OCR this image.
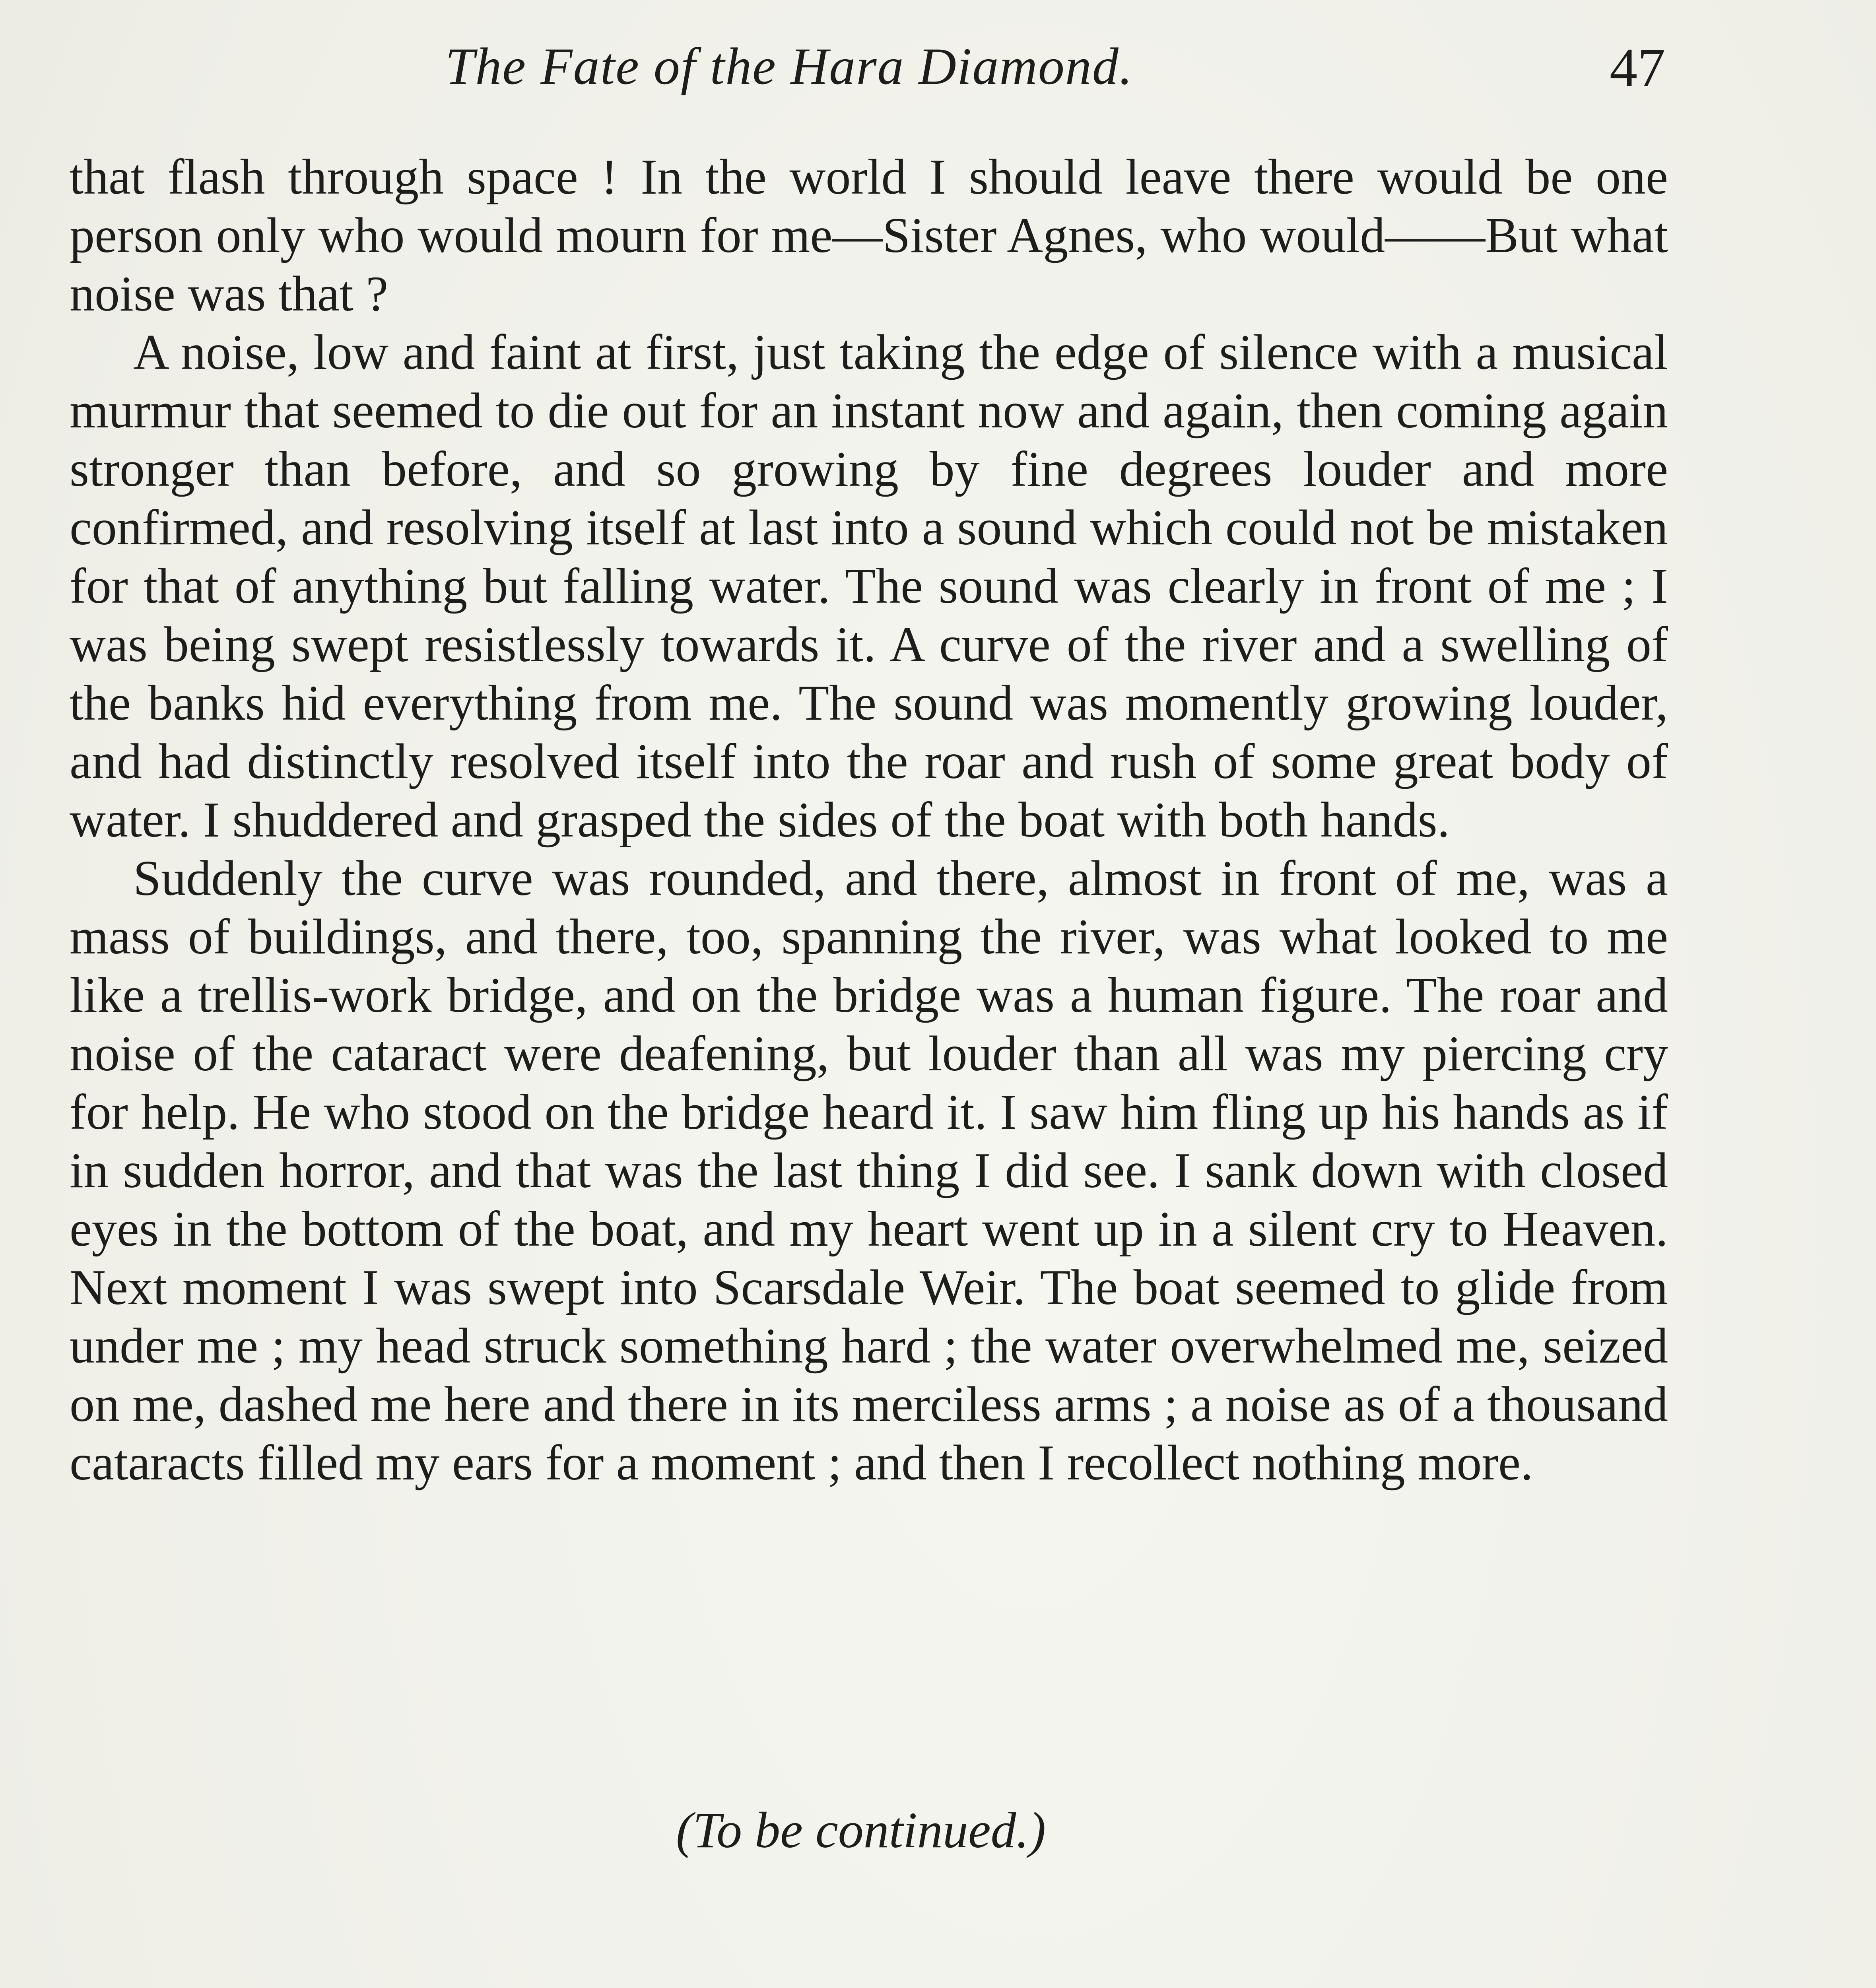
The Fate of the Hara Diamond.	47

that flash through space ! In the world I should leave there would be one person only who would mourn for me—Sister Agnes, who would——But what noise was that ?

A noise, low and faint at first, just taking the edge of silence with a musical murmur that seemed to die out for an instant now and again, then coming again stronger than before, and so growing by fine degrees louder and more confirmed, and resolving itself at last into a sound which could not be mistaken for that of anything but falling water. The sound was clearly in front of me ; I was being swept resistlessly towards it. A curve of the river and a swelling of the banks hid everything from me. The sound was momently growing louder, and had distinctly resolved itself into the roar and rush of some great body of water. I shuddered and grasped the sides of the boat with both hands.

Suddenly the curve was rounded, and there, almost in front of me, was a mass of buildings, and there, too, spanning the river, was what looked to me like a trellis-work bridge, and on the bridge was a human figure. The roar and noise of the cataract were deafening, but louder than all was my piercing cry for help. He who stood on the bridge heard it. I saw him fling up his hands as if in sudden horror, and that was the last thing I did see. I sank down with closed eyes in the bottom of the boat, and my heart went up in a silent cry to Heaven. Next moment I was swept into Scarsdale Weir. The boat seemed to glide from under me ; my head struck something hard ; the water overwhelmed me, seized on me, dashed me here and there in its merciless arms ; a noise as of a thousand cataracts filled my ears for a moment ; and then I recollect nothing more.

(To be continued.)
